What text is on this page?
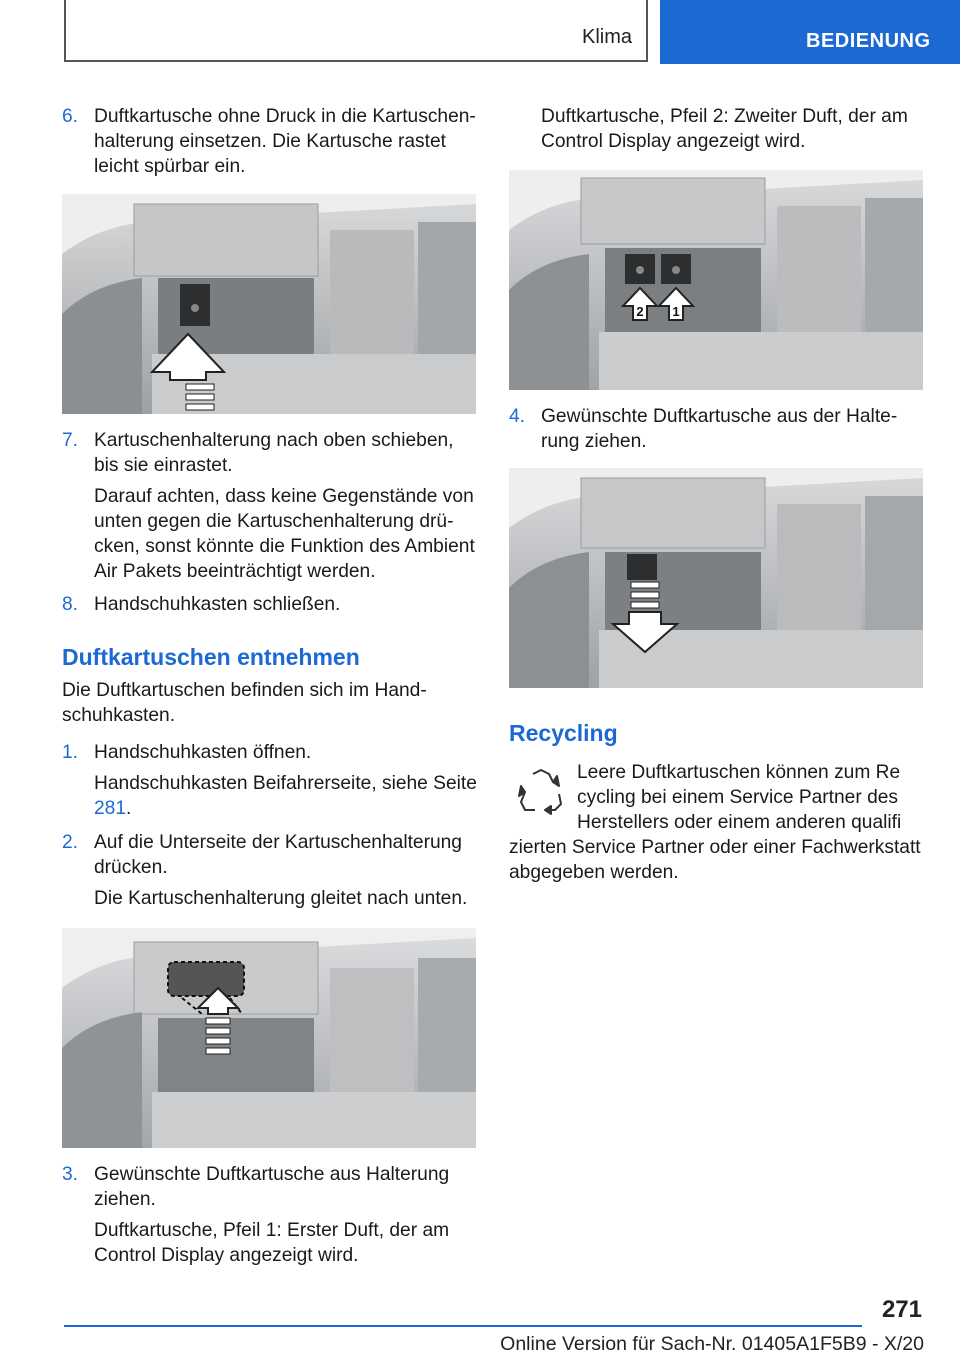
Klima	BEDIENUNG
6. Duftkartusche ohne Druck in die Kartuschenhalterung einsetzen. Die Kartusche rastet leicht spürbar ein.
7. Kartuschenhalterung nach oben schieben, bis sie einrastet.
Darauf achten, dass keine Gegenstände von unten gegen die Kartuschenhalterung drücken, sonst könnte die Funktion des Ambient Air Pakets beeinträchtigt werden.
8. Handschuhkasten schließen.
Duftkartuschen entnehmen
Die Duftkartuschen befinden sich im Handschuhkasten.
1. Handschuhkasten öffnen.
Handschuhkasten Beifahrerseite, siehe Seite 281.
2. Auf die Unterseite der Kartuschenhalterung drücken.
Die Kartuschenhalterung gleitet nach unten.
3. Gewünschte Duftkartusche aus Halterung ziehen.
Duftkartusche, Pfeil 1: Erster Duft, der am Control Display angezeigt wird.
Duftkartusche, Pfeil 2: Zweiter Duft, der am Control Display angezeigt wird.
2 1
4. Gewünschte Duftkartusche aus der Halterung ziehen.
Recycling
Leere Duftkartuschen können zum Re
cycling bei einem Service Partner des
Herstellers oder einem anderen qualifi
zierten Service Partner oder einer Fachwerkstatt abgegeben werden.
271
Online Version für Sach-Nr. 01405A1F5B9 - X/20
